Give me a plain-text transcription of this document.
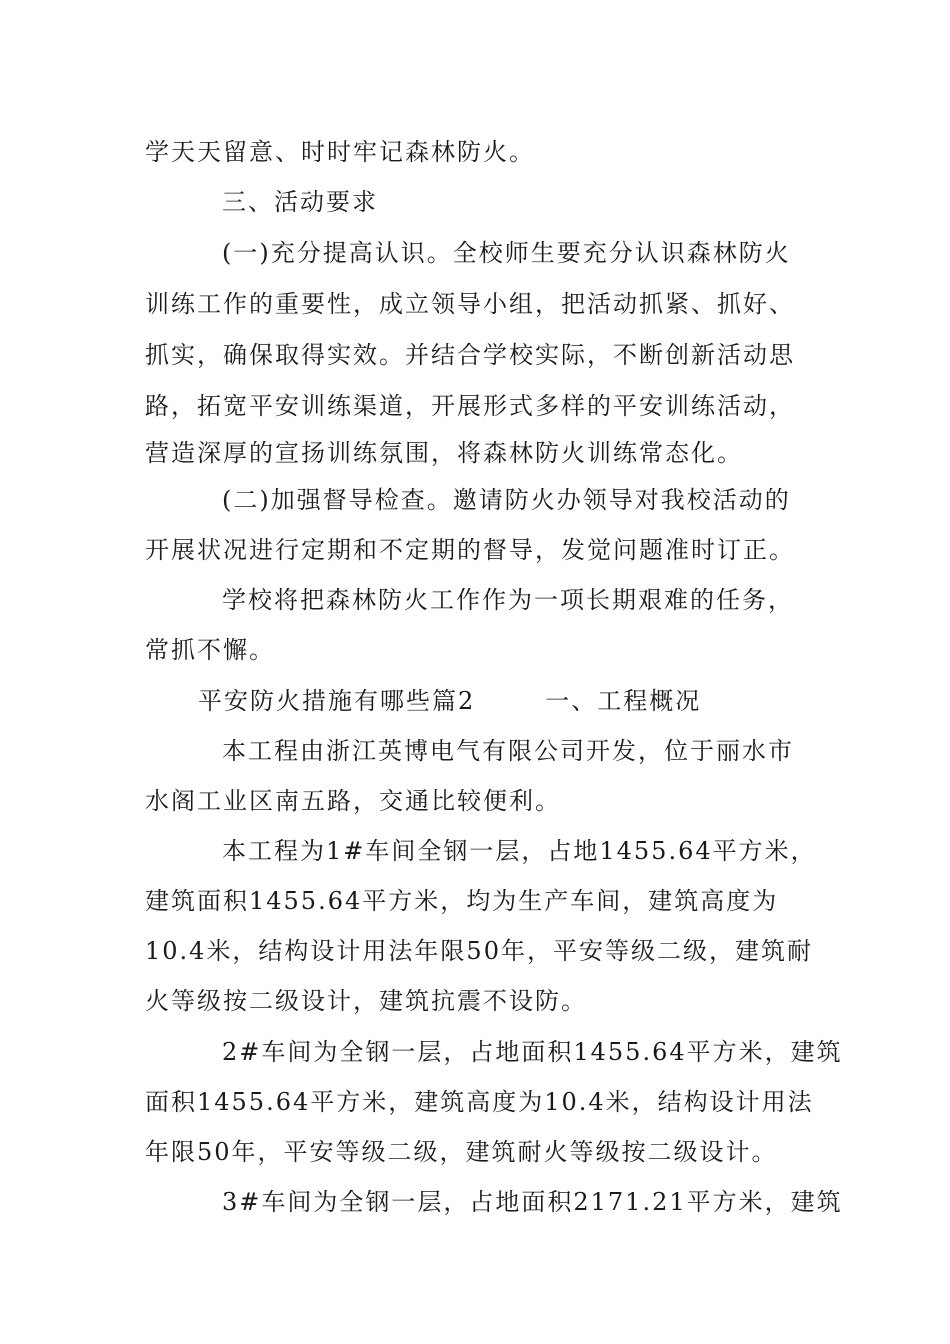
学天天留意、时时牢记森林防火。
三、活动要求
(一)充分提高认识。全校师生要充分认识森林防火
训练工作的重要性，成立领导小组，把活动抓紧、抓好、
抓实，确保取得实效。并结合学校实际，不断创新活动思
路，拓宽平安训练渠道，开展形式多样的平安训练活动，
营造深厚的宣扬训练氛围，将森林防火训练常态化。
(二)加强督导检查。邀请防火办领导对我校活动的
开展状况进行定期和不定期的督导，发觉问题准时订正。
学校将把森林防火工作作为一项长期艰难的任务，
常抓不懈。
平安防火措施有哪些篇2	一、工程概况
本工程由浙江英博电气有限公司开发，位于丽水市
水阁工业区南五路，交通比较便利。
本工程为1#车间全钢一层，占地1455.64平方米，
建筑面积1455.64平方米，均为生产车间，建筑高度为
10.4米，结构设计用法年限50年，平安等级二级，建筑耐
火等级按二级设计，建筑抗震不设防。
2#车间为全钢一层，占地面积1455.64平方米，建筑
面积1455.64平方米，建筑高度为10.4米，结构设计用法
年限50年，平安等级二级，建筑耐火等级按二级设计。
3#车间为全钢一层，占地面积2171.21平方米，建筑
